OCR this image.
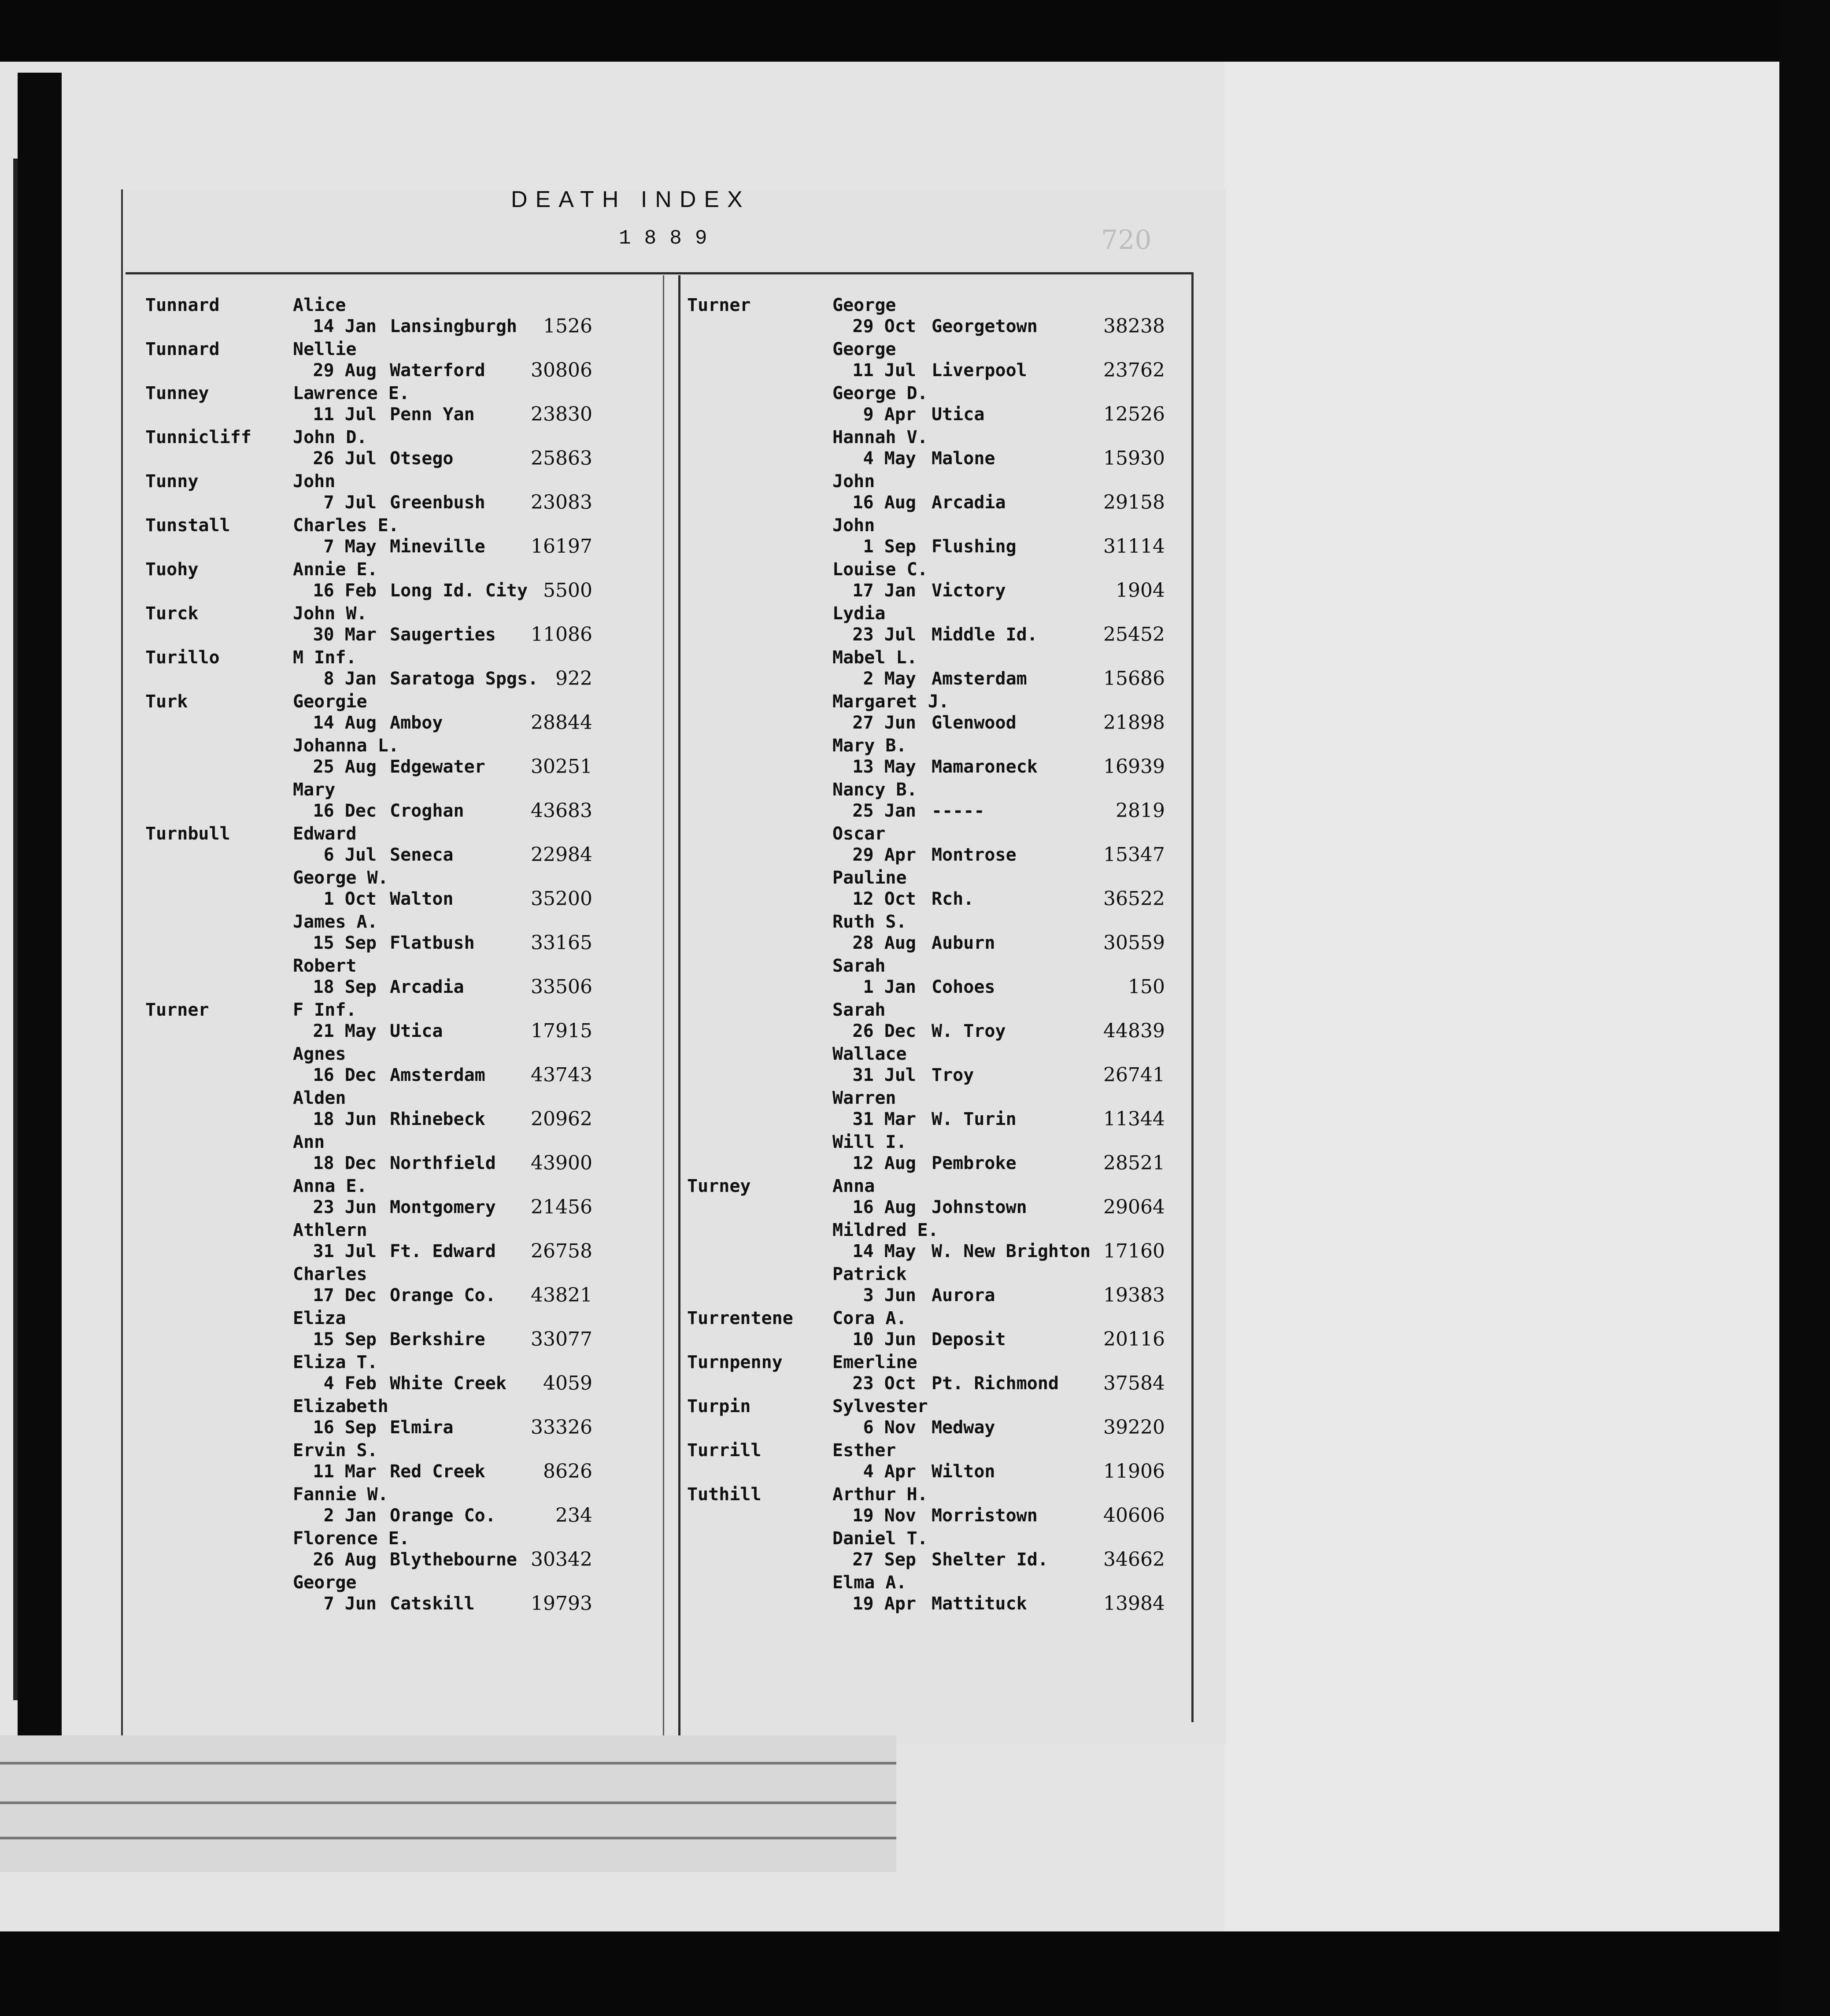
DEATH INDEX
1889	720
Tunnard	Alice
14 Jan Lansingburgh 1526
Tunnard	Nellie
29 Aug Waterford 30806
Tunney	Lawrence E.
11 Jul Penn Yan	23830
Tunnicliff John D.
26 Jul Otsego	25863
Tunny	John
7 Jul Greenbush 23083
Tunstall	Charles E.
7 May Mineville 16197
Tuohy	Annie E.
16 Feb Long Id. City 5500
Turck	John W.
30 Mar Saugerties 11086
Turillo	M Inf.
8 Jan Saratoga Spgs. 922
Turk	Georgie
14 Aug Amboy	28844
Johanna L.
25 Aug Edgewater 30251
Mary
16 Dec Croghan	43683
Turnbull	Edward
6 Jul Seneca	22984
George W.
1 Oct Walton	35200
James A.
15 Sep Flatbush	33165
Robert
18 Sep Arcadia	33506
Turner	F Inf.
21 May Utica	17915
Agnes
16 Dec Amsterdam 43743
Alden
18 Jun Rhinebeck 20962
Ann
18 Dec Northfield 43900
Anna E.
23 Jun Montgomery 21456
Athlern
31 Jul Ft. Edward 26758
Charles
17 Dec Orange Co. 43821
Eliza
15 Sep Berkshire 33077
Eliza T.
4 Feb White Creek 4059
Elizabeth
16 Sep Elmira	33326
Ervin S.
11 Mar Red Creek	8626
Fannie W.
2 Jan Orange Co.	234
Florence E.
26 Aug Blythebourne 30342
George
7 Jun Catskill	19793
Turner	George
29 Oct Georgetown	38238
George
11 Jul Liverpool	23762
George D.
9 Apr Utica	12526
Hannah V.
4 May Malone	15930
John
16 Aug Arcadia	29158
John
1 Sep Flushing	31114
Louise C.
17 Jan Victory	1904
Lydia
23 Jul Middle Id.	25452
Mabel L.
2 May Amsterdam	15686
Margaret J.
27 Jun Glenwood	21898
Mary B.
13 May Mamaroneck	16939
Nancy B.
25 Jan -----	2819
Oscar
29 Apr Montrose	15347
Pauline
12 Oct Rch.	36522
Ruth S.
28 Aug Auburn	30559
Sarah
1 Jan Cohoes	150
Sarah
26 Dec W. Troy	44839
Wallace
31 Jul Troy	26741
Warren
31 Mar W. Turin	11344
Will I.
12 Aug Pembroke	28521
Turney	Anna
16 Aug Johnstown	29064
Mildred E.
14 May W. New Brighton 17160
Patrick
3 Jun Aurora	19383
Turrentene Cora A.
10 Jun Deposit	20116
Turnpenny	Emerline
23 Oct Pt. Richmond 37584
Turpin	Sylvester
6 Nov Medway	39220
Turrill	Esther
4 Apr Wilton	11906
Tuthill	Arthur H.
19 Nov Morristown	40606
Daniel T.
27 Sep Shelter Id.	34662
Elma A.
19 Apr Mattituck	13984
